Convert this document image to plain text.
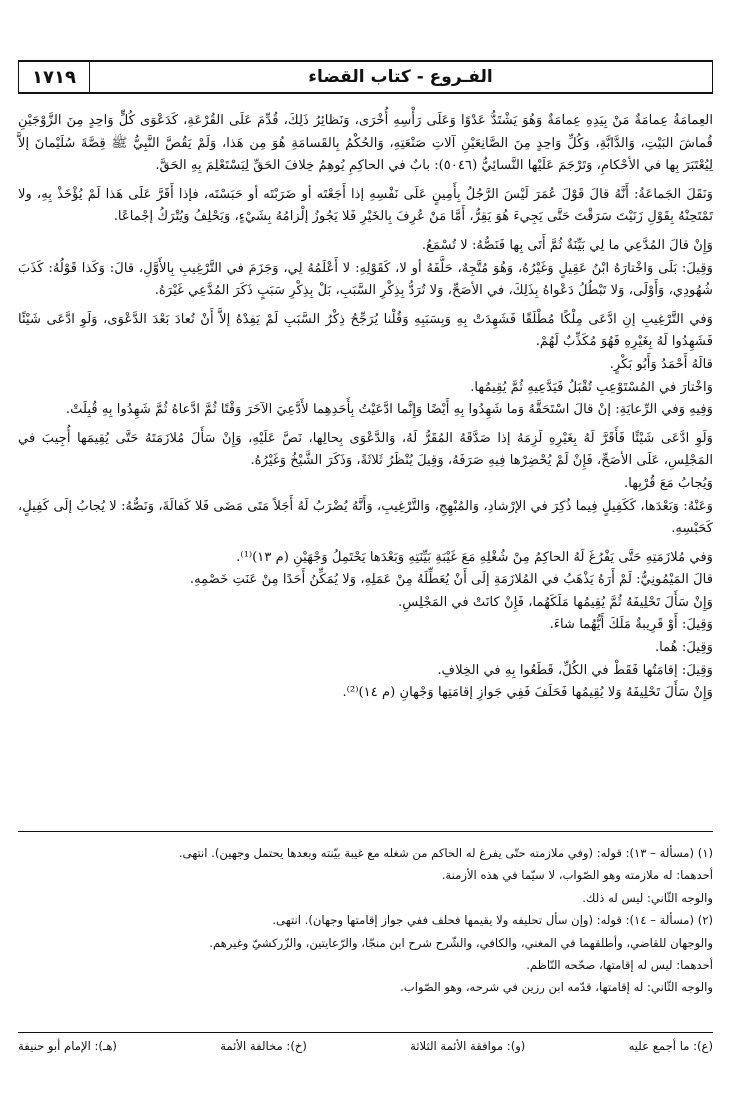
١٧١٩	الفـروع - كتاب القضاء

العِمامَةُ عِمامَةٌ مَنْ بِيَدِهِ عِمامَةٌ وَهُوَ يَشْتَدُّ عَدْوًا وَعَلَى رَأْسِهِ أُخْرَى، وَنَظائِرُ ذَلِكَ، قُدِّمَ عَلَى القُرْعَةِ، كَدَعْوَى كُلٍّ وَاحِدٍ مِنَ الزَّوْجَيْنِ قُماشَ البَيْتِ، وَالدَّابَّةِ، وَكُلِّ وَاحِدٍ مِنَ الصَّانِعَيْنِ آلاتِ صَنْعَتِهِ، وَالحُكْمُ بِالقَسامَةِ هُوَ مِن هَذا، وَلَمْ يَقُصَّ النَّبِيُّ ﷺ قِصَّةَ سُلَيْمانَ إلاَّ لِيُعْتَبَرَ بِها في الأحْكامِ، وَتَرْجَمَ عَلَيْها النَّسائِيُّ (٥٠٤٦): بابٌ في الحاكِمِ يُوهِمُ خِلافَ الحَقِّ لِيَسْتَعْلِمَ بِهِ الحَقَّ.

وَنَقَلَ الجَماعَةُ: أَنَّهُ قالَ قَوْلَ عُمَرَ لَيْسَ الرَّجُلُ بِأَمِينٍ عَلَى نَفْسِهِ إذا أَجَعْتَه أو ضَرَبْتَه أو حَبَسْتَه، فإذا أَقَرَّ عَلَى هَذا لَمْ يُؤْخَذْ بِهِ، ولا تَمْتَحِنْهُ بِقَوْلِ زَنَيْتَ سَرَقْتَ حَتَّى يَجِيءَ هُوَ يَقِرُّ، أَمَّا مَنْ عُرِفَ بِالخَيْرِ فَلا يَجُوزُ إلْزامُهُ بِشَيْءٍ، وَيَحْلِفُ وَيُتْرَكُ إجْماعًا.

وَإِنْ قالَ المُدَّعِي ما لِي بَيِّنَةٌ ثُمَّ أَتَى بِها فَنَصُّهُ: لا تُسْمَعُ.

وَقِيلَ: بَلَى وَاخْتارَهُ ابْنُ عَقِيلٍ وَغَيْرُهُ، وَهُوَ مُتَّجِهٌ، حَلَّفَهُ أو لا، كَقَوْلِهِ: لا أَعْلَمُهُ لِي، وَجَزَمَ في التَّرْغِيبِ بِالأَوَّلِ، قالَ: وَكَذا قَوْلُهُ: كَذَبَ شُهُودِي، وَأَوْلَى، وَلا تَبْطُلُ دَعْواهُ بِذَلِكَ، في الأصَحِّ، وَلا تُرَدُّ بِذِكْرِ السَّبَبِ، بَلْ بِذِكْرِ سَبَبٍ ذَكَرَ المُدَّعِي غَيْرَهُ.

وَفي التَّرْغِيبِ إنِ ادَّعَى مِلْكًا مُطْلَقًا فَشَهِدَتْ بِهِ وَبِسَبَبِهِ وَقُلْنا يُرَجِّحُ ذِكْرُ السَّبَبِ لَمْ يَفِدْهُ إلاَّ أَنْ تُعادَ بَعْدَ الدَّعْوَى، وَلَوِ ادَّعَى شَيْئًا فَشَهِدُوا لَهُ بِغَيْرِهِ فَهُوَ مُكَذِّبٌ لَهُمْ.

قالَهُ أَحْمَدُ وَأَبُو بَكْرٍ.

وَاخْتارَ في المُسْتَوْعِبِ تُقْبَلُ فَيَدَّعِيهِ ثُمَّ يُقِيمُها.

وَفِيهِ وَفي الرِّعايَةِ: إنْ قالَ اسْتَحَقَّهُ وَما شَهِدُوا بِهِ أَيْضًا وَإِنَّما ادَّعَيْتُ بِأَحَدِهِما لأَدَّعِيَ الآخَرَ وَقْتًا ثُمَّ ادَّعاهُ ثُمَّ شَهِدُوا بِهِ قُبِلَتْ.

وَلَوِ ادَّعَى شَيْئًا فَأَقَرَّ لَهُ بِغَيْرِهِ لَزِمَهُ إذا صَدَّقَهُ المُقَرُّ لَهُ، وَالدَّعْوَى بِحالِها، نَصَّ عَلَيْهِ، وَإِنْ سَأَلَ مُلازَمَتَهُ حَتَّى يُقِيمَها أُجِيبَ في المَجْلِسِ، عَلَى الأصَحِّ، فَإِنْ لَمْ يُحْضِرْها فِيهِ صَرَفَهُ، وَقِيلَ يُنْظَرُ ثَلاثَةً، وَذَكَرَ الشَّيْخُ وَغَيْرُهُ.

وَيُجابُ مَعَ قُرْبِها.

وَعَنْهُ: وَبَعْدَها، كَكَفِيلٍ فِيما ذُكِرَ في الإرْشادِ، وَالمُبْهِجِ، وَالتَّرْغِيبِ، وَأَنَّهُ يُضْرَبُ لَهُ أَجَلاً مَتَى مَضَى فَلا كَفالَةَ، وَنَصُّهُ: لا يُجابُ إلَى كَفِيلٍ، كَحَبْسِهِ.

وَفي مُلازَمَتِهِ حَتَّى يَفْرُغَ لَهُ الحاكِمُ مِنْ شُغْلِهِ مَعَ غَيْبَةِ بَيِّنَتِهِ وَبَعْدَها يَحْتَمِلُ وَجْهَيْنِ (م ١٣)⁽¹⁾.

قالَ المَيْمُونِيُّ: لَمْ أَرَهُ يَذْهَبُ في المُلازَمَةِ إلَى أَنْ يُعَطِّلَهُ مِنْ عَمَلِهِ، وَلا يُمَكِّنُ أَحَدًا مِنْ عَنَتِ خَصْمِهِ.

وَإِنْ سَأَلَ تَحْلِيفَهُ ثُمَّ يُقِيمُها مَلَكَهُما، فَإِنْ كانَتْ في المَجْلِسِ.

وَقِيلَ: أَوْ قَرِيبةٌ مَلَكَ أَيُّهُما شاءَ.

وَقِيلَ: هُما.

وَقِيلَ: إقامَتُها فَقَطْ في الكُلِّ، قَطَعُوا بِهِ في الخِلافِ.

وَإِنْ سَأَلَ تَحْلِيفَهُ وَلا يُقِيمُها فَحَلَفَ فَفِي جَوازِ إقامَتِها وَجْهانِ (م ١٤)⁽²⁾.

(١) (مسألة – ١٣): قوله: (وفي ملازمته حتّى يفرغ له الحاكم من شغله مع غيبة بيّنته وبعدها يحتمل وجهين). انتهى.

أحدهما: له ملازمته وهو الصّواب، لا سيّما في هذه الأزمنة.

والوجه الثّاني: ليس له ذلك.

(٢) (مسألة – ١٤): قوله: (وإن سأل تحليفه ولا يقيمها فحلف ففي جواز إقامتها وجهان). انتهى.

والوجهان للقاضي، وأطلقهما في المغني، والكافي، والشّرح شرح ابن منجّا، والرّعايتين، والزّركشيّ وغيرهم.

أحدهما: ليس له إقامتها، صحّحه النّاظم.

والوجه الثّاني: له إقامتها، قدّمه ابن رزين في شرحه، وهو الصّواب.

(ع): ما أجمع عليه
(و): موافقة الأئمة الثلاثة
(خ): مخالفة الأئمة
(هـ): الإمام أبو حنيفة
